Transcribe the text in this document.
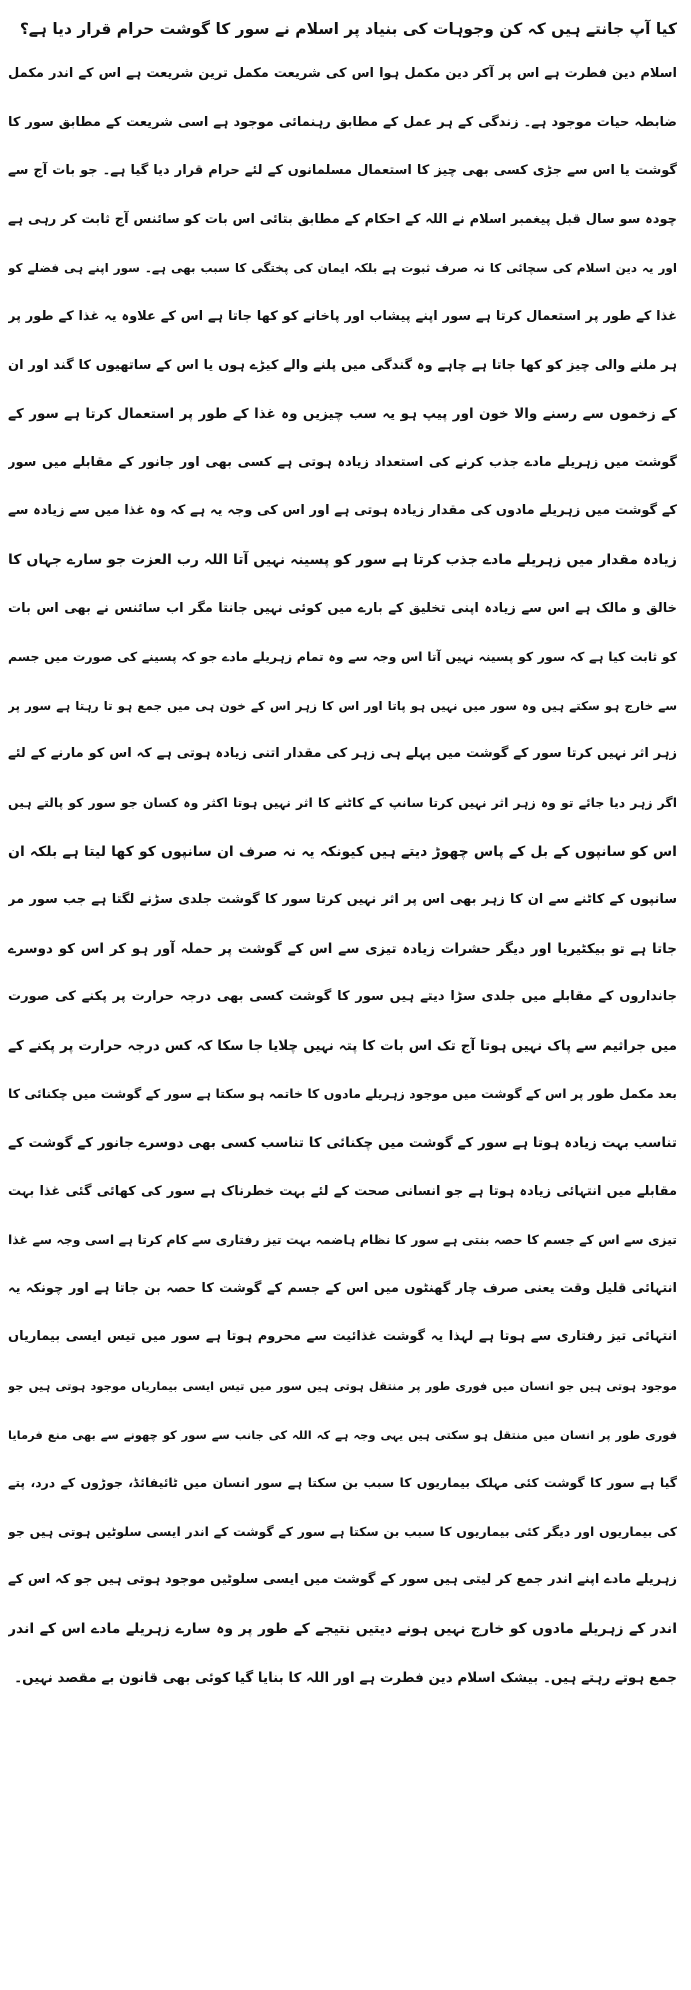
کیا آپ جانتے ہیں کہ کن وجوہات کی بنیاد پر اسلام نے سور کا گوشت حرام قرار دیا ہے؟
اسلام دین فطرت ہے اس پر آکر دین مکمل ہوا اس کی شریعت مکمل ترین شریعت ہے اس کے اندر مکمل
ضابطہ حیات موجود ہے۔ زندگی کے ہر عمل کے مطابق رہنمائی موجود ہے اسی شریعت کے مطابق سور کا
گوشت یا اس سے جڑی کسی بھی چیز کا استعمال مسلمانوں کے لئے حرام قرار دیا گیا ہے۔ جو بات آج سے
چودہ سو سال قبل پیغمبر اسلام نے اللہ کے احکام کے مطابق بتائی اس بات کو سائنس آج ثابت کر رہی ہے
اور یہ دین اسلام کی سچائی کا نہ صرف ثبوت ہے بلکہ ایمان کی پختگی کا سبب بھی ہے۔ سور اپنے ہی فضلے کو
غذا کے طور پر استعمال کرتا ہے سور اپنے پیشاب اور پاخانے کو کھا جاتا ہے اس کے علاوہ یہ غذا کے طور پر
ہر ملنے والی چیز کو کھا جاتا ہے چاہے وہ گندگی میں پلنے والے کیڑے ہوں یا اس کے ساتھیوں کا گند اور ان
کے زخموں سے رسنے والا خون اور پیپ ہو یہ سب چیزیں وہ غذا کے طور پر استعمال کرتا ہے سور کے
گوشت میں زہریلے مادے جذب کرنے کی استعداد زیادہ ہوتی ہے کسی بھی اور جانور کے مقابلے میں سور
کے گوشت میں زہریلے مادوں کی مقدار زیادہ ہوتی ہے اور اس کی وجہ یہ ہے کہ وہ غذا میں سے زیادہ سے
زیادہ مقدار میں زہریلے مادے جذب کرتا ہے سور کو پسینہ نہیں آتا اللہ رب العزت جو سارے جہاں کا
خالق و مالک ہے اس سے زیادہ اپنی تخلیق کے بارے میں کوئی نہیں جانتا مگر اب سائنس نے بھی اس بات
کو ثابت کیا ہے کہ سور کو پسینہ نہیں آتا اس وجہ سے وہ تمام زہریلے مادے جو کہ پسینے کی صورت میں جسم
سے خارج ہو سکتے ہیں وہ سور میں نہیں ہو پاتا اور اس کا زہر اس کے خون ہی میں جمع ہو تا رہتا ہے سور پر
زہر اثر نہیں کرتا سور کے گوشت میں پہلے ہی زہر کی مقدار اتنی زیادہ ہوتی ہے کہ اس کو مارنے کے لئے
اگر زہر دیا جائے تو وہ زہر اثر نہیں کرتا سانپ کے کاٹنے کا اثر نہیں ہوتا اکثر وہ کسان جو سور کو پالتے ہیں
اس کو سانپوں کے بل کے پاس چھوڑ دیتے ہیں کیونکہ یہ نہ صرف ان سانپوں کو کھا لیتا ہے بلکہ ان
سانپوں کے کاٹنے سے ان کا زہر بھی اس پر اثر نہیں کرتا سور کا گوشت جلدی سڑنے لگتا ہے جب سور مر
جاتا ہے تو بیکٹیریا اور دیگر حشرات زیادہ تیزی سے اس کے گوشت پر حملہ آور ہو کر اس کو دوسرے
جانداروں کے مقابلے میں جلدی سڑا دیتے ہیں سور کا گوشت کسی بھی درجہ حرارت پر پکنے کی صورت
میں جراثیم سے پاک نہیں ہوتا آج تک اس بات کا پتہ نہیں چلایا جا سکا کہ کس درجہ حرارت پر پکنے کے
بعد مکمل طور پر اس کے گوشت میں موجود زہریلے مادوں کا خاتمہ ہو سکتا ہے سور کے گوشت میں چکنائی کا
تناسب بہت زیادہ ہوتا ہے سور کے گوشت میں چکنائی کا تناسب کسی بھی دوسرے جانور کے گوشت کے
مقابلے میں انتہائی زیادہ ہوتا ہے جو انسانی صحت کے لئے بہت خطرناک ہے سور کی کھائی گئی غذا بہت
تیزی سے اس کے جسم کا حصہ بنتی ہے سور کا نظام ہاضمہ بہت تیز رفتاری سے کام کرتا ہے اسی وجہ سے غذا
انتہائی قلیل وقت یعنی صرف چار گھنٹوں میں اس کے جسم کے گوشت کا حصہ بن جاتا ہے اور چونکہ یہ
انتہائی تیز رفتاری سے ہوتا ہے لہذا یہ گوشت غذائیت سے محروم ہوتا ہے سور میں تیس ایسی بیماریاں
موجود ہوتی ہیں جو انسان میں فوری طور پر منتقل ہوتی ہیں سور میں تیس ایسی بیماریاں موجود ہوتی ہیں جو
فوری طور پر انسان میں منتقل ہو سکتی ہیں یہی وجہ ہے کہ اللہ کی جانب سے سور کو چھونے سے بھی منع فرمایا
گیا ہے سور کا گوشت کئی مہلک بیماریوں کا سبب بن سکتا ہے سور انسان میں ٹائیفائڈ، جوڑوں کے درد، پتے
کی بیماریوں اور دیگر کئی بیماریوں کا سبب بن سکتا ہے سور کے گوشت کے اندر ایسی سلوٹیں ہوتی ہیں جو
زہریلے مادے اپنے اندر جمع کر لیتی ہیں سور کے گوشت میں ایسی سلوٹیں موجود ہوتی ہیں جو کہ اس کے
اندر کے زہریلے مادوں کو خارج نہیں ہونے دیتیں نتیجے کے طور پر وہ سارے زہریلے مادے اس کے اندر
جمع ہوتے رہتے ہیں۔ بیشک اسلام دین فطرت ہے اور اللہ کا بنایا گیا کوئی بھی قانون بے مقصد نہیں۔
